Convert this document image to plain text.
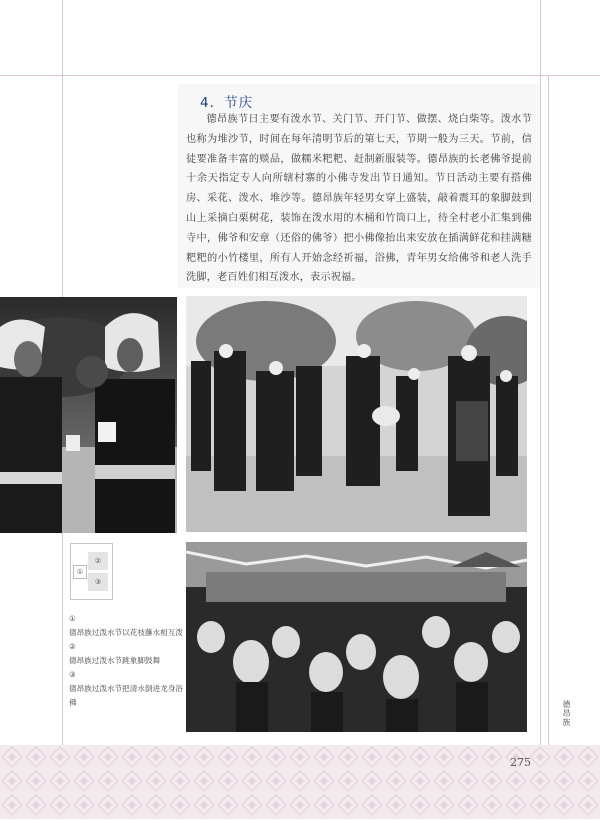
4．节庆
德昂族节日主要有泼水节、关门节、开门节、做摆、烧白柴等。泼水节也称为堆沙节，时间在每年清明节后的第七天，节期一般为三天。节前，信徒要准备丰富的赕品，做糯米粑粑、赶制新服装等。德昂族的长老佛爷提前十余天指定专人向所辖村寨的小佛寺发出节日通知。节日活动主要有搭佛房、采花、泼水、堆沙等。德昂族年轻男女穿上盛装，敲着震耳的象脚鼓到山上采摘白栗树花，装饰在泼水用的木桶和竹筒口上，待全村老小汇集到佛寺中，佛爷和安章（还俗的佛爷）把小佛像抬出来安放在插满鲜花和挂满糖粑粑的小竹楼里，所有人开始念经祈福，浴佛，青年男女给佛爷和老人洗手洗脚，老百姓们相互泼水，表示祝福。
①
②
③

①
德昂族过泼水节以花枝蘸水相互泼

②
德昂族过泼水节跳象脚鼓舞

③
德昂族过泼水节把清水倒进龙身浴佛	德昂族
275
